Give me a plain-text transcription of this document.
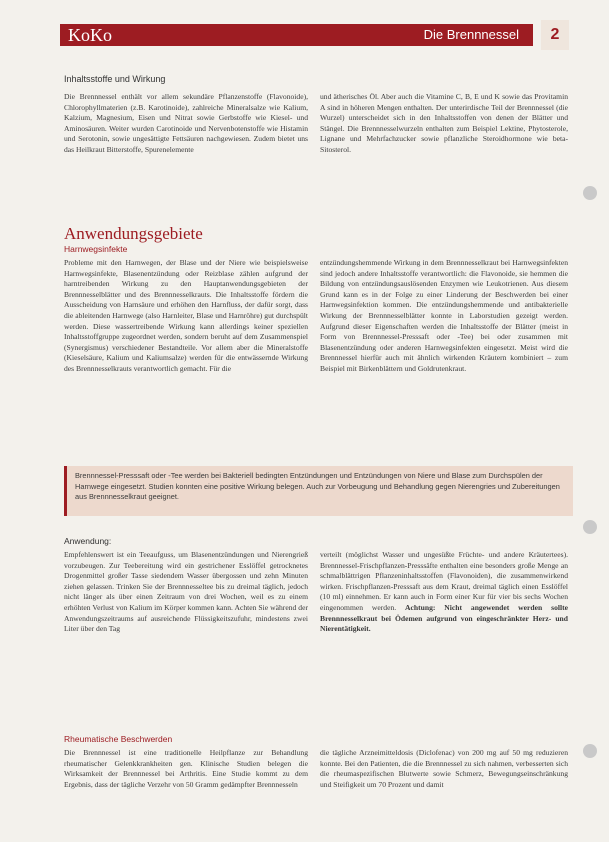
KoKo	Die Brennnessel	2
Inhaltsstoffe und Wirkung
Die Brennnessel enthält vor allem sekundäre Pflanzenstoffe (Flavonoide), Chlorophyllmaterien (z.B. Karotinoide), zahlreiche Mineralsalze wie Kalium, Kalzium, Magnesium, Eisen und Nitrat sowie Gerbstoffe wie Kiesel- und Aminosäuren. Weiter wurden Carotinoide und Nervenbotenstoffe wie Histamin und Serotonin, sowie ungesättigte Fettsäuren nachgewiesen. Zudem bietet uns das Heilkraut Bitterstoffe, Spurenelemente
und ätherisches Öl. Aber auch die Vitamine C, B, E und K sowie das Provitamin A sind in höheren Mengen enthalten. Der unterirdische Teil der Brennnessel (die Wurzel) unterscheidet sich in den Inhaltsstoffen von denen der Blätter und Stängel. Die Brennnesselwurzeln enthalten zum Beispiel Lektine, Phytosterole, Lignane und Mehrfachzucker sowie pflanzliche Steroidhormone wie beta-Sitosterol.
Anwendungsgebiete
Harnwegsinfekte
Probleme mit den Harnwegen, der Blase und der Niere wie beispielsweise Harnwegsinfekte, Blasenentzündung oder Reizblase zählen aufgrund der harntreibenden Wirkung zu den Hauptanwendungsgebieten der Brennnesselblätter und des Brennnesselkrauts. Die Inhaltsstoffe fördern die Ausscheidung von Harnsäure und erhöhen den Harnfluss, der dafür sorgt, dass die ableitenden Harnwege (also Harnleiter, Blase und Harnröhre) gut durchspült werden. Diese wassertreibende Wirkung kann allerdings keiner speziellen Inhaltsstoffgruppe zugeordnet werden, sondern beruht auf dem Zusammenspiel (Synergismus) verschiedener Bestandteile. Vor allem aber die Mineralstoffe (Kieselsäure, Kalium und Kaliumsalze) werden für die entwässernde Wirkung des Brennnesselkrauts verantwortlich gemacht. Für die
entzündungshemmende Wirkung in dem Brennnesselkraut bei Harnwegsinfekten sind jedoch andere Inhaltsstoffe verantwortlich: die Flavonoide, sie hemmen die Bildung von entzündungsauslösenden Enzymen wie Leukotrienen. Aus diesem Grund kann es in der Folge zu einer Linderung der Beschwerden bei einer Harnwegsinfektion kommen. Die entzündungshemmende und antibakterielle Wirkung der Brennnesselblätter konnte in Laborstudien gezeigt werden. Aufgrund dieser Eigenschaften werden die Inhaltsstoffe der Blätter (meist in Form von Brennnessel-Presssaft oder -Tee) bei oder zusammen mit Blasenentzündung oder anderen Harnwegsinfekten eingesetzt. Meist wird die Brennnessel hierfür auch mit ähnlich wirkenden Kräutern kombiniert – zum Beispiel mit Birkenblättern und Goldrutenkraut.
Brennnessel-Presssaft oder -Tee werden bei Bakteriell bedingten Entzündungen und Entzündungen von Niere und Blase zum Durchspülen der Harnwege eingesetzt. Studien konnten eine positive Wirkung belegen. Auch zur Vorbeugung und Behandlung gegen Nierengries und Zubereitungen aus Brennnesselkraut geeignet.
Anwendung:
Empfehlenswert ist ein Teeaufguss, um Blasenentzündungen und Nierengrieß vorzubeugen. Zur Teebereitung wird ein gestrichener Esslöffel getrocknetes Drogenmittel großer Tasse siedendem Wasser übergossen und zehn Minuten ziehen gelassen. Trinken Sie der Brennnesseltee bis zu dreimal täglich, jedoch nicht länger als über einen Zeitraum von drei Wochen, weil es zu einem erhöhten Verlust von Kalium im Körper kommen kann. Achten Sie während der Anwendungszeitraums auf ausreichende Flüssigkeitszufuhr, mindestens zwei Liter über den Tag
verteilt (möglichst Wasser und ungesüßte Früchte- und andere Kräutertees). Brennnessel-Frischpflanzen-Presssäfte enthalten eine besonders große Menge an schmalblättrigen Pflanzeninhaltsstoffen (Flavonoiden), die zusammenwirkend wirken. Frischpflanzen-Presssaft aus dem Kraut, dreimal täglich einen Esslöffel (10 ml) einnehmen. Er kann auch in Form einer Kur für vier bis sechs Wochen eingenommen werden. Achtung: Nicht angewendet werden sollte Brennnesselkraut bei Ödemen aufgrund von eingeschränkter Herz- und Nierentätigkeit.
Rheumatische Beschwerden
Die Brennnessel ist eine traditionelle Heilpflanze zur Behandlung rheumatischer Gelenkkrankheiten gen. Klinische Studien belegen die Wirksamkeit der Brennnessel bei Arthritis. Eine Studie kommt zu dem Ergebnis, dass der tägliche Verzehr von 50 Gramm gedämpfter Brennnesseln
die tägliche Arzneimitteldosis (Diclofenac) von 200 mg auf 50 mg reduzieren konnte. Bei den Patienten, die die Brennnessel zu sich nahmen, verbesserten sich die rheumaspezifischen Blutwerte sowie Schmerz, Bewegungseinschränkung und Steifigkeit um 70 Prozent und damit
